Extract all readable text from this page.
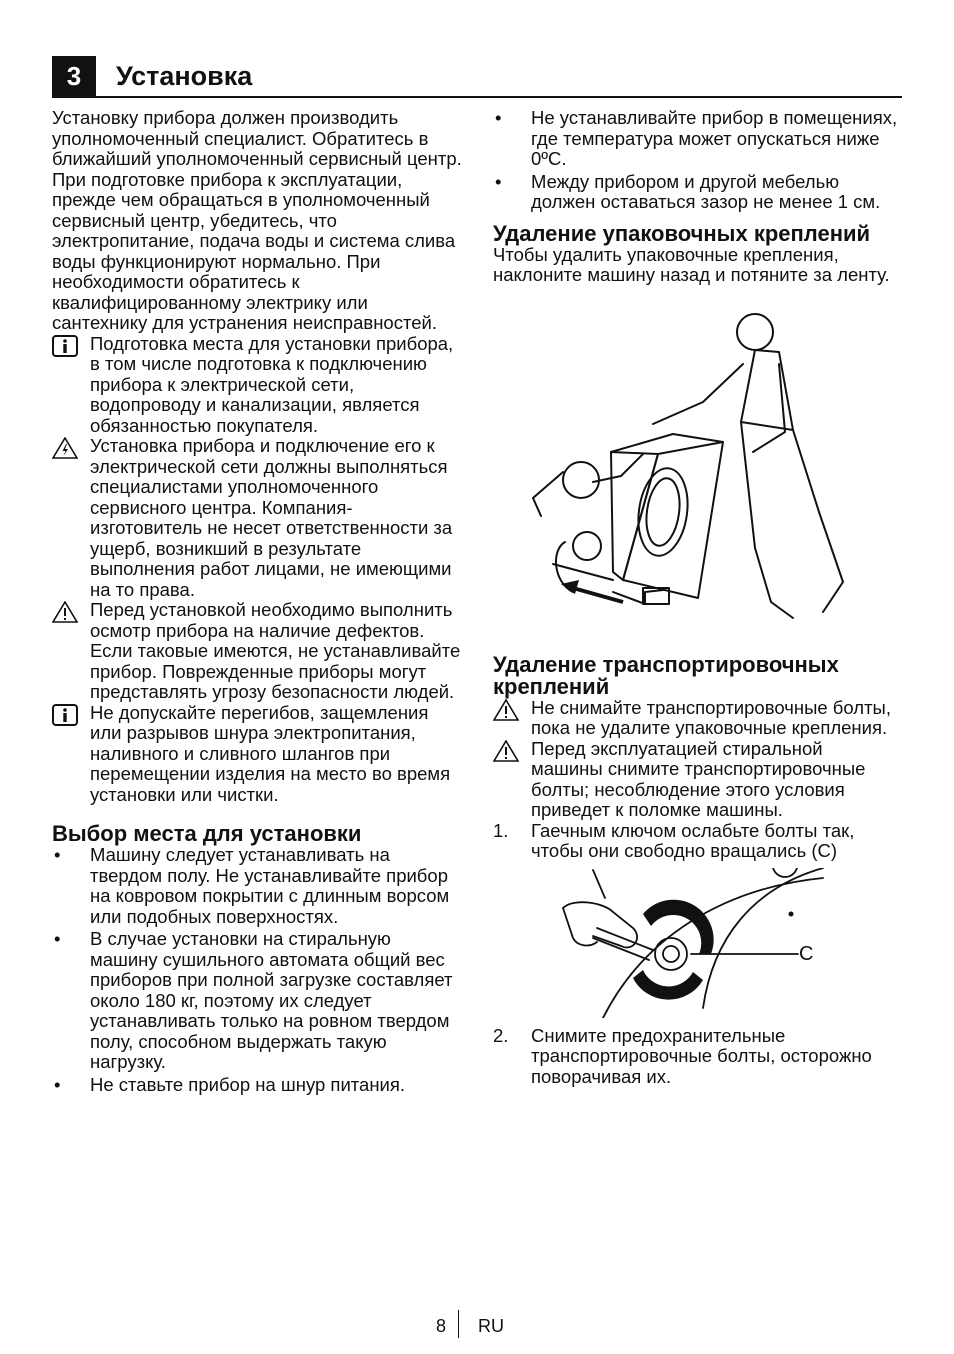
3	Установка

Установку прибора должен производить уполномоченный специалист. Обратитесь в ближайший уполномоченный сервисный центр. При подготовке прибора к эксплуатации, прежде чем обращаться в уполномоченный сервисный центр, убедитесь, что электропитание, подача воды и система слива воды функционируют нормально. При необходимости обратитесь к квалифицированному электрику или сантехнику для устранения неисправностей.

Подготовка места для установки прибора, в том числе подготовка к подключению прибора к электрической сети, водопроводу и канализации, является обязанностью покупателя.

Установка прибора и подключение его к электрической сети должны выполняться специалистами уполномоченного сервисного центра. Компания-изготовитель не несет ответственности за ущерб, возникший в результате выполнения работ лицами, не имеющими на то права.

Перед установкой необходимо выполнить осмотр прибора на наличие дефектов. Если таковые имеются, не устанавливайте прибор. Поврежденные приборы могут представлять угрозу безопасности людей.

Не допускайте перегибов, защемления или разрывов шнура электропитания, наливного и сливного шлангов при перемещении изделия на место во время установки или чистки.

Выбор места для установки

• Машину следует устанавливать на твердом полу. Не устанавливайте прибор на ковровом покрытии с длинным ворсом или подобных поверхностях.

• В случае установки на стиральную машину сушильного автомата общий вес приборов при полной загрузке составляет около 180 кг, поэтому их следует устанавливать только на ровном твердом полу, способном выдержать такую нагрузку.

• Не ставьте прибор на шнур питания.

• Не устанавливайте прибор в помещениях, где температура может опускаться ниже 0ºC.

• Между прибором и другой мебелью должен оставаться зазор не менее 1 см.

Удаление упаковочных креплений

Чтобы удалить упаковочные крепления, наклоните машину назад и потяните за ленту.

Удаление транспортировочных креплений

Не снимайте транспортировочные болты, пока не удалите упаковочные крепления.

Перед эксплуатацией стиральной машины снимите транспортировочные болты; несоблюдение этого условия приведет к поломке машины.

1. Гаечным ключом ослабьте болты так, чтобы они свободно вращались (C)

C
2. Снимите предохранительные транспортировочные болты, осторожно поворачивая их.

8 RU
